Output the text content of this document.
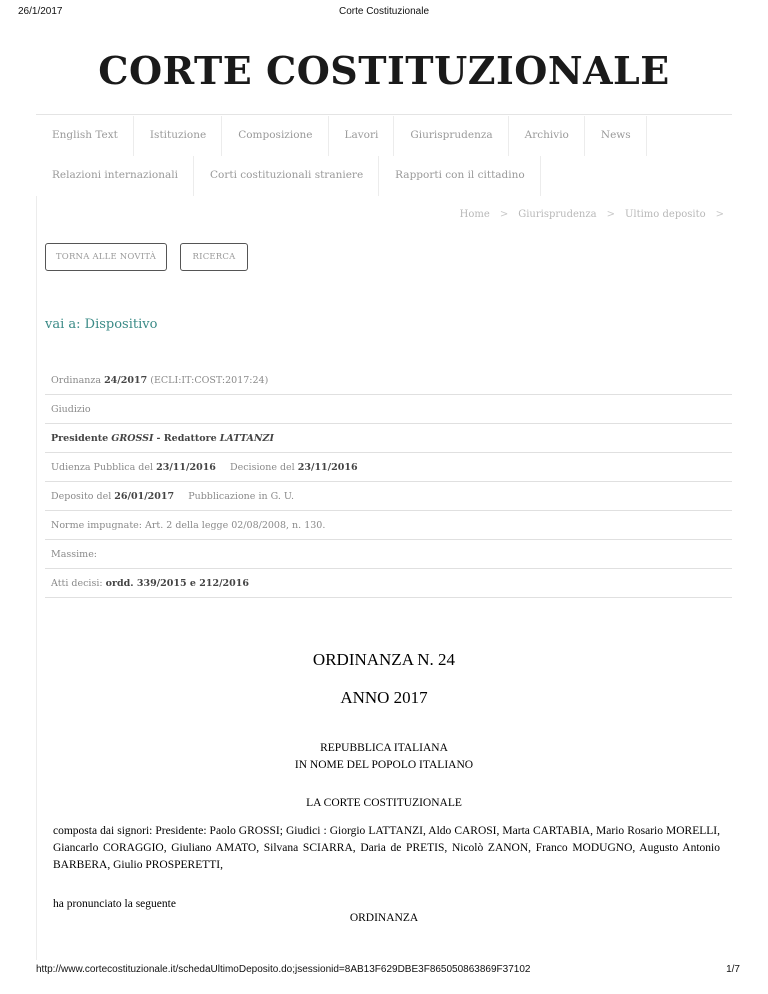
26/1/2017	Corte Costituzionale
CORTE COSTITUZIONALE
English Text	Istituzione	Composizione	Lavori	Giurisprudenza	Archivio	News
Relazioni internazionali	Corti costituzionali straniere	Rapporti con il cittadino
Home > Giurisprudenza > Ultimo deposito >
TORNA ALLE NOVITÀ	RICERCA
vai a: Dispositivo
Ordinanza 24/2017 (ECLI:IT:COST:2017:24)
Giudizio
Presidente GROSSI - Redattore LATTANZI
Udienza Pubblica del 23/11/2016 Decisione del 23/11/2016
Deposito del 26/01/2017 Pubblicazione in G. U.
Norme impugnate: Art. 2 della legge 02/08/2008, n. 130.
Massime:
Atti decisi: ordd. 339/2015 e 212/2016
ORDINANZA N. 24
ANNO 2017
REPUBBLICA ITALIANA
IN NOME DEL POPOLO ITALIANO
LA CORTE COSTITUZIONALE
composta dai signori: Presidente: Paolo GROSSI; Giudici : Giorgio LATTANZI, Aldo CAROSI, Marta CARTABIA, Mario Rosario MORELLI, Giancarlo CORAGGIO, Giuliano AMATO, Silvana SCIARRA, Daria de PRETIS, Nicolò ZANON, Franco MODUGNO, Augusto Antonio BARBERA, Giulio PROSPERETTI,
ha pronunciato la seguente
ORDINANZA
http://www.cortecostituzionale.it/schedaUltimoDeposito.do;jsessionid=8AB13F629DBE3F865050863869F37102	1/7
